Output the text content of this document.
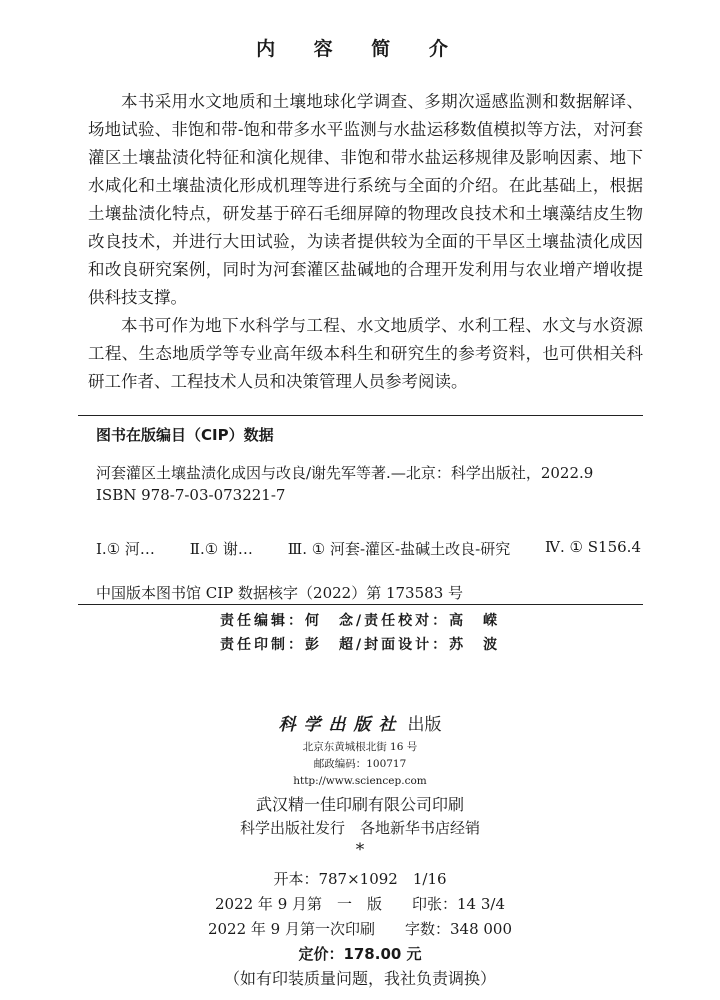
内 容 简 介

本书采用水文地质和土壤地球化学调查、多期次遥感监测和数据解译、场地试验、非饱和带-饱和带多水平监测与水盐运移数值模拟等方法，对河套灌区土壤盐渍化特征和演化规律、非饱和带水盐运移规律及影响因素、地下水咸化和土壤盐渍化形成机理等进行系统与全面的介绍。在此基础上，根据土壤盐渍化特点，研发基于碎石毛细屏障的物理改良技术和土壤藻结皮生物改良技术，并进行大田试验，为读者提供较为全面的干旱区土壤盐渍化成因和改良研究案例，同时为河套灌区盐碱地的合理开发利用与农业增产增收提供科技支撑。

本书可作为地下水科学与工程、水文地质学、水利工程、水文与水资源工程、生态地质学等专业高年级本科生和研究生的参考资料，也可供相关科研工作者、工程技术人员和决策管理人员参考阅读。

图书在版编目（CIP）数据
河套灌区土壤盐渍化成因与改良/谢先军等著.—北京：科学出版社，2022.9
ISBN 978-7-03-073221-7
Ⅰ.① 河… Ⅱ.① 谢… Ⅲ. ① 河套-灌区-盐碱土改良-研究 Ⅳ. ① S156.4
中国版本图书馆 CIP 数据核字（2022）第 173583 号
责任编辑：何　念/责任校对：高　嵘
责任印制：彭　超/封面设计：苏　波
科学出版社 出版
北京东黄城根北街 16 号
邮政编码：100717
http://www.sciencep.com
武汉精一佳印刷有限公司印刷
科学出版社发行　各地新华书店经销
*
开本：787×1092　1/16
2022 年 9 月第　一　版　　印张：14 3/4
2022 年 9 月第一次印刷　　字数：348 000
定价：178.00 元
（如有印装质量问题，我社负责调换）
